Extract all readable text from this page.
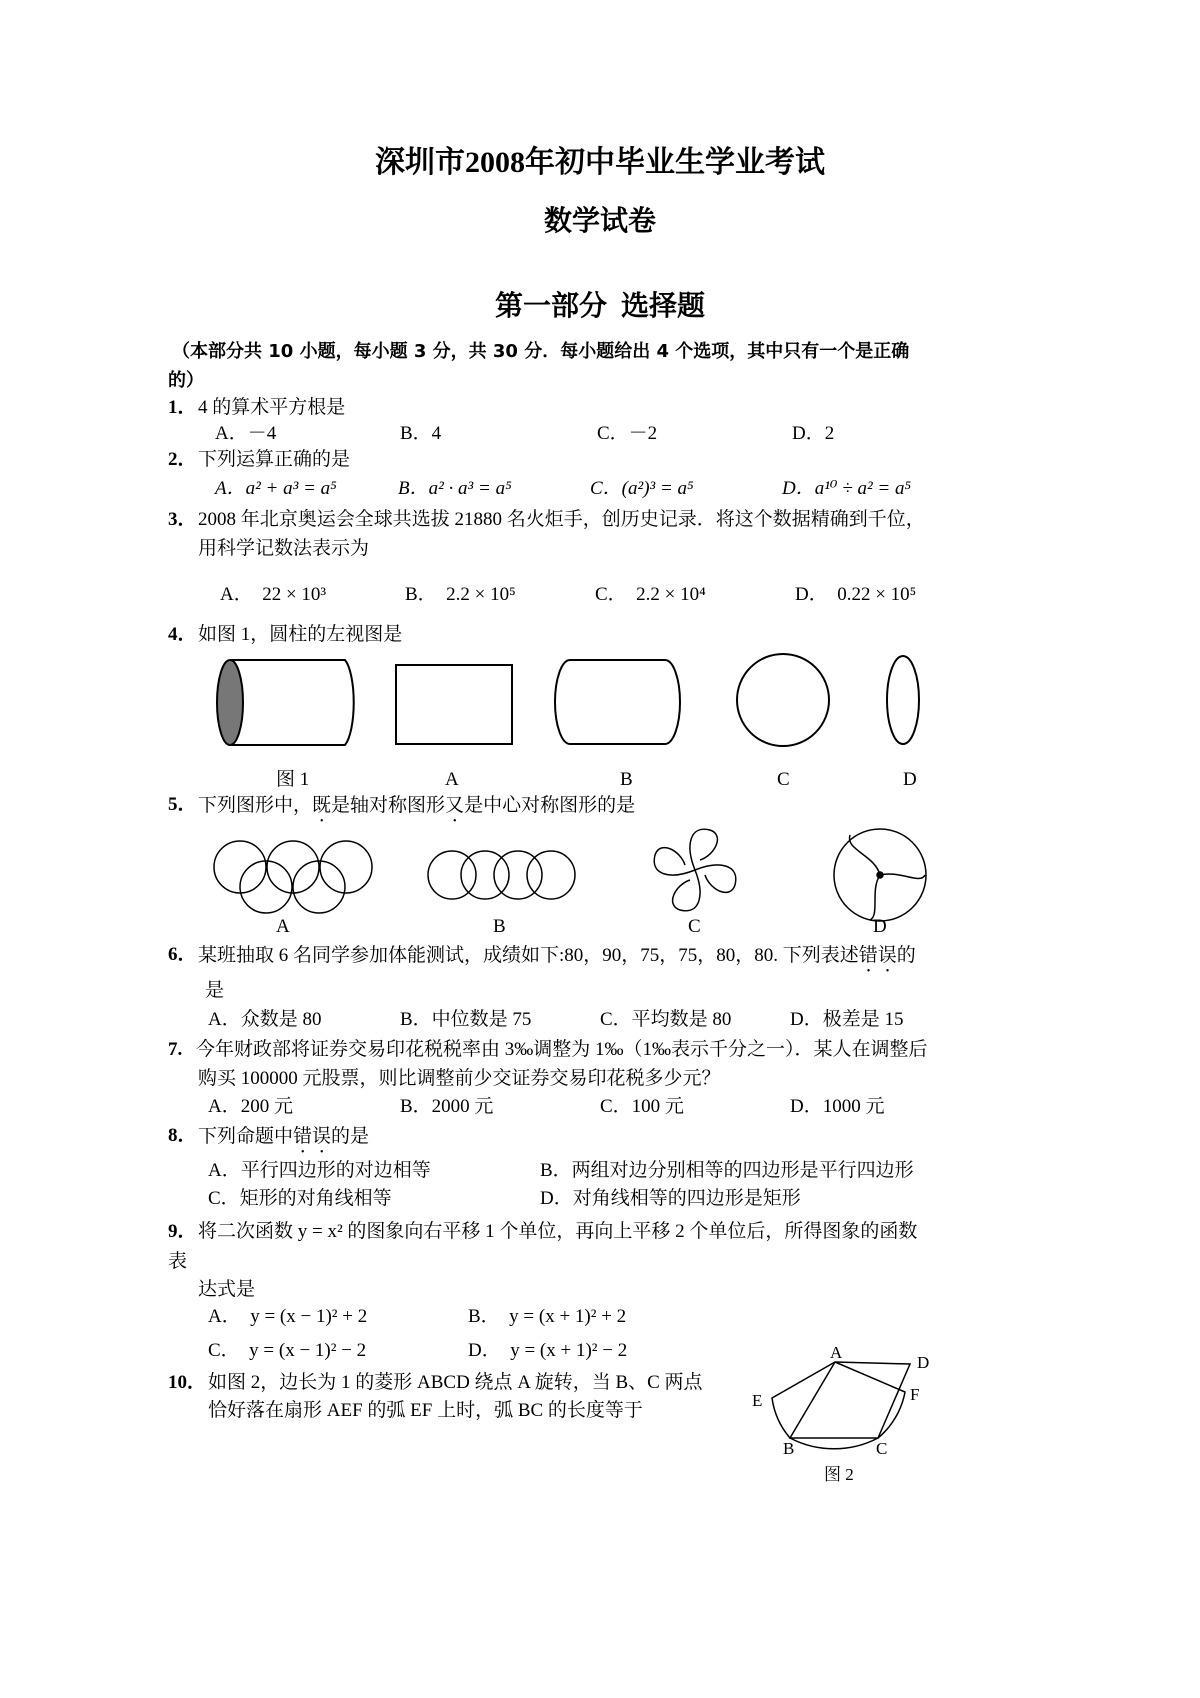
深圳市2008年初中毕业生学业考试
数学试卷
第一部分  选择题
（本部分共 10 小题，每小题 3 分，共 30 分．每小题给出 4 个选项，其中只有一个是正确
的）
1． 4 的算术平方根是
A．－4	B．4	C．－2	D．2
2． 下列运算正确的是
A．a² + a³ = a⁵	B．a² · a³ = a⁵	C．(a²)³ = a⁵	D．a¹⁰ ÷ a² = a⁵
3． 2008 年北京奥运会全球共选拔 21880 名火炬手，创历史记录．将这个数据精确到千位，
用科学记数法表示为
A．  22 × 10³	B．  2.2 × 10⁵	C．  2.2 × 10⁴	D．  0.22 × 10⁵
4． 如图 1，圆柱的左视图是
图 1	A	B	C	D
5． 下列图形中，既是轴对称图形又是中心对称图形的是
A	B	C	D
6． 某班抽取 6 名同学参加体能测试，成绩如下:80，90，75，75，80，80. 下列表述错误的
是
A．众数是 80	B．中位数是 75	C．平均数是 80	D．极差是 15
7. 今年财政部将证券交易印花税税率由 3‰调整为 1‰（1‰表示千分之一）．某人在调整后
购买 100000 元股票，则比调整前少交证券交易印花税多少元？
A．200 元	B．2000 元	C．100 元	D．1000 元
8． 下列命题中错误的是
A．平行四边形的对边相等	B．两组对边分别相等的四边形是平行四边形
C．矩形的对角线相等	D．对角线相等的四边形是矩形
9． 将二次函数 y = x² 的图象向右平移 1 个单位，再向上平移 2 个单位后，所得图象的函数
表
达式是
A．  y = (x − 1)² + 2	B．  y = (x + 1)² + 2
C．  y = (x − 1)² − 2	D．  y = (x + 1)² − 2
10． 如图 2，边长为 1 的菱形 ABCD 绕点 A 旋转，当 B、C 两点
恰好落在扇形 AEF 的弧 EF 上时，弧 BC 的长度等于
A
D
E	F
B	C
图 2
